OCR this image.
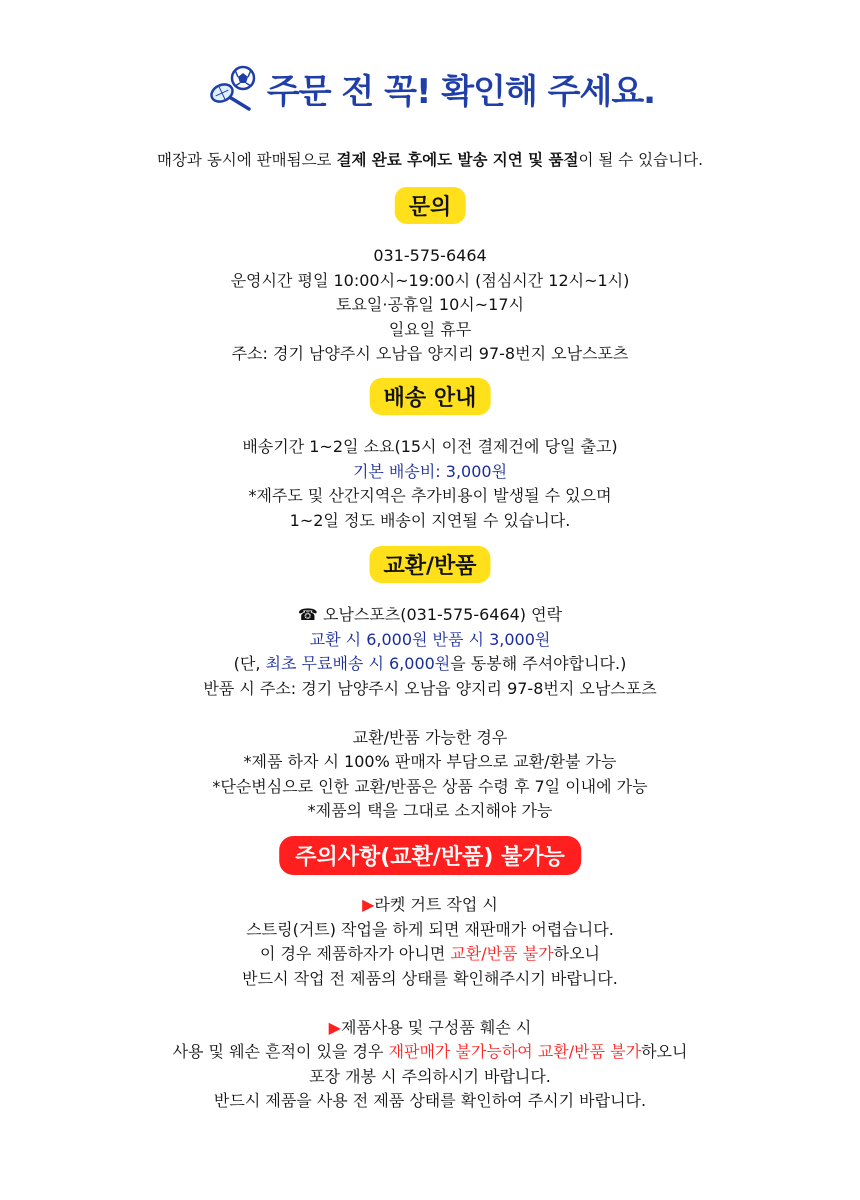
주문 전 꼭! 확인해 주세요.
매장과 동시에 판매됨으로 결제 완료 후에도 발송 지연 및 품절이 될 수 있습니다.
문의
031-575-6464
운영시간 평일 10:00시~19:00시 (점심시간 12시~1시)
토요일·공휴일 10시~17시
일요일 휴무
주소: 경기 남양주시 오남읍 양지리 97-8번지 오남스포츠
배송 안내
배송기간 1~2일 소요(15시 이전 결제건에 당일 출고)
기본 배송비: 3,000원
*제주도 및 산간지역은 추가비용이 발생될 수 있으며
1~2일 정도 배송이 지연될 수 있습니다.
교환/반품
☎ 오남스포츠(031-575-6464) 연락
교환 시 6,000원 반품 시 3,000원
(단, 최초 무료배송 시 6,000원을 동봉해 주셔야합니다.)
반품 시 주소: 경기 남양주시 오남읍 양지리 97-8번지 오남스포츠
교환/반품 가능한 경우
*제품 하자 시 100% 판매자 부담으로 교환/환불 가능
*단순변심으로 인한 교환/반품은 상품 수령 후 7일 이내에 가능
*제품의 택을 그대로 소지해야 가능
주의사항(교환/반품) 불가능
▶라켓 거트 작업 시
스트링(거트) 작업을 하게 되면 재판매가 어렵습니다.
이 경우 제품하자가 아니면 교환/반품 불가하오니
반드시 작업 전 제품의 상태를 확인해주시기 바랍니다.
▶제품사용 및 구성품 훼손 시
사용 및 웨손 흔적이 있을 경우 재판매가 불가능하여 교환/반품 불가하오니
포장 개봉 시 주의하시기 바랍니다.
반드시 제품을 사용 전 제품 상태를 확인하여 주시기 바랍니다.
